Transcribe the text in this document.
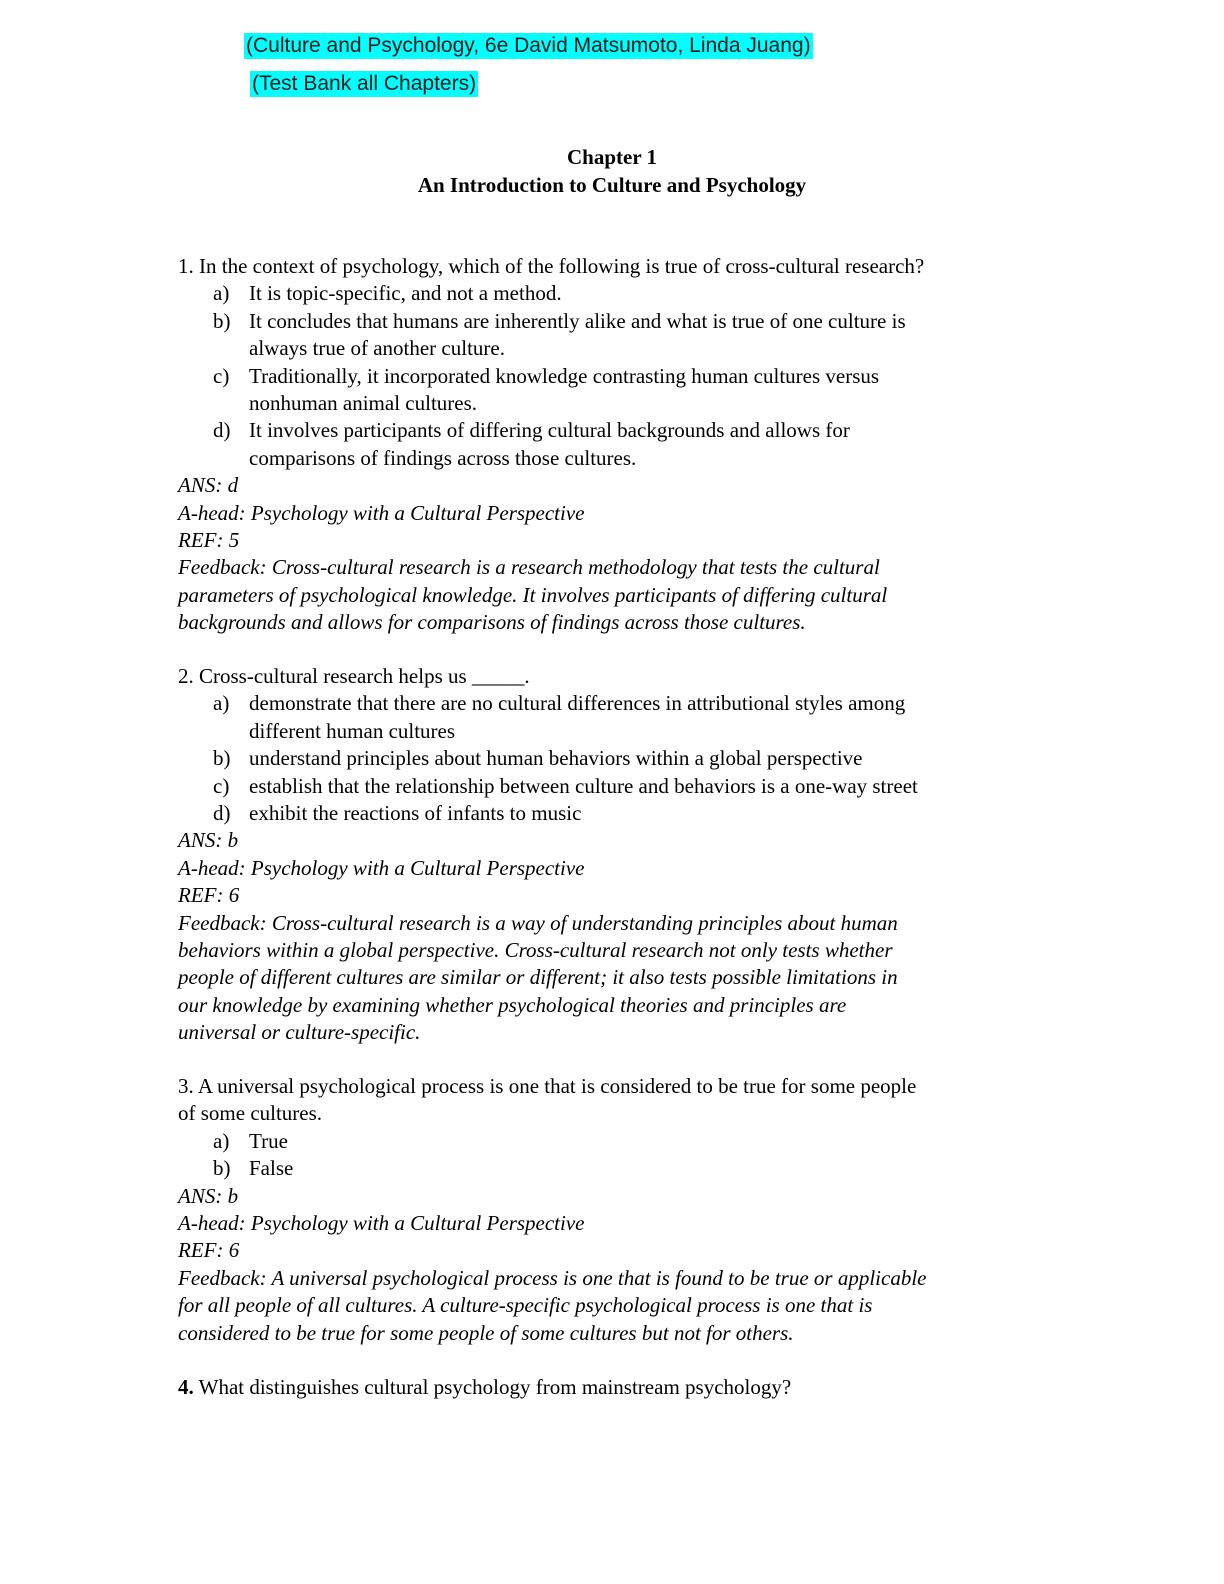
(Culture and Psychology, 6e David Matsumoto, Linda Juang)
(Test Bank all Chapters)
Chapter 1
An Introduction to Culture and Psychology

1. In the context of psychology, which of the following is true of cross-cultural research?

a) It is topic-specific, and not a method.
b) It concludes that humans are inherently alike and what is true of one culture is
always true of another culture.
c) Traditionally, it incorporated knowledge contrasting human cultures versus
nonhuman animal cultures.
d) It involves participants of differing cultural backgrounds and allows for
comparisons of findings across those cultures.

ANS: d

A-head: Psychology with a Cultural Perspective

REF: 5

Feedback: Cross-cultural research is a research methodology that tests the cultural
parameters of psychological knowledge. It involves participants of differing cultural
backgrounds and allows for comparisons of findings across those cultures.

2. Cross-cultural research helps us _____.

a) demonstrate that there are no cultural differences in attributional styles among
different human cultures
b) understand principles about human behaviors within a global perspective
c) establish that the relationship between culture and behaviors is a one-way street
d) exhibit the reactions of infants to music

ANS: b

A-head: Psychology with a Cultural Perspective

REF: 6

Feedback: Cross-cultural research is a way of understanding principles about human
behaviors within a global perspective. Cross-cultural research not only tests whether
people of different cultures are similar or different; it also tests possible limitations in
our knowledge by examining whether psychological theories and principles are
universal or culture-specific.

3. A universal psychological process is one that is considered to be true for some people
of some cultures.

a) True
b) False

ANS: b

A-head: Psychology with a Cultural Perspective

REF: 6

Feedback: A universal psychological process is one that is found to be true or applicable
for all people of all cultures. A culture-specific psychological process is one that is
considered to be true for some people of some cultures but not for others.

4. What distinguishes cultural psychology from mainstream psychology?
